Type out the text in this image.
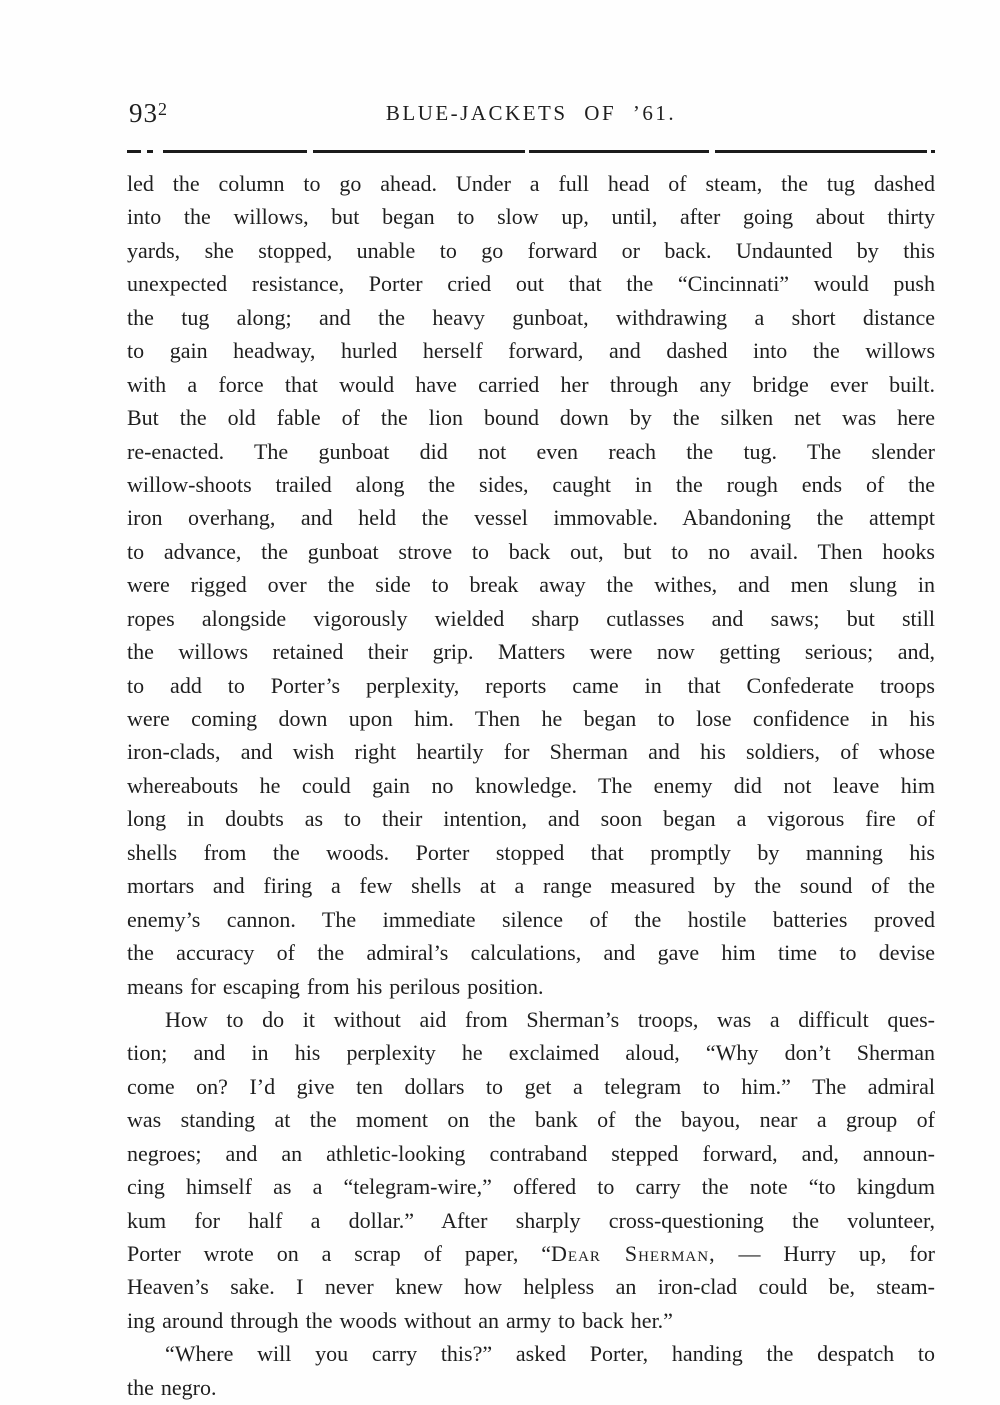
$93^2$	BLUE-JACKETS OF ’61.
led the column to go ahead. Under a full head of steam, the tug dashed
into the willows, but began to slow up, until, after going about thirty
yards, she stopped, unable to go forward or back. Undaunted by this
unexpected resistance, Porter cried out that the “Cincinnati” would push
the tug along; and the heavy gunboat, withdrawing a short distance
to gain headway, hurled herself forward, and dashed into the willows
with a force that would have carried her through any bridge ever built.
But the old fable of the lion bound down by the silken net was here
re-enacted. The gunboat did not even reach the tug. The slender
willow-shoots trailed along the sides, caught in the rough ends of the
iron overhang, and held the vessel immovable. Abandoning the attempt
to advance, the gunboat strove to back out, but to no avail. Then hooks
were rigged over the side to break away the withes, and men slung in
ropes alongside vigorously wielded sharp cutlasses and saws; but still
the willows retained their grip. Matters were now getting serious; and,
to add to Porter’s perplexity, reports came in that Confederate troops
were coming down upon him. Then he began to lose confidence in his
iron-clads, and wish right heartily for Sherman and his soldiers, of whose
whereabouts he could gain no knowledge. The enemy did not leave him
long in doubts as to their intention, and soon began a vigorous fire of
shells from the woods. Porter stopped that promptly by manning his
mortars and firing a few shells at a range measured by the sound of the
enemy’s cannon. The immediate silence of the hostile batteries proved
the accuracy of the admiral’s calculations, and gave him time to devise
means for escaping from his perilous position.
How to do it without aid from Sherman’s troops, was a difficult ques-
tion; and in his perplexity he exclaimed aloud, “Why don’t Sherman
come on? I’d give ten dollars to get a telegram to him.” The admiral
was standing at the moment on the bank of the bayou, near a group of
negroes; and an athletic-looking contraband stepped forward, and, announ-
cing himself as a “telegram-wire,” offered to carry the note “to kingdum
kum for half a dollar.” After sharply cross-questioning the volunteer,
Porter wrote on a scrap of paper, “Dear Sherman, — Hurry up, for
Heaven’s sake. I never knew how helpless an iron-clad could be, steam-
ing around through the woods without an army to back her.”
“Where will you carry this?” asked Porter, handing the despatch to
the negro.
